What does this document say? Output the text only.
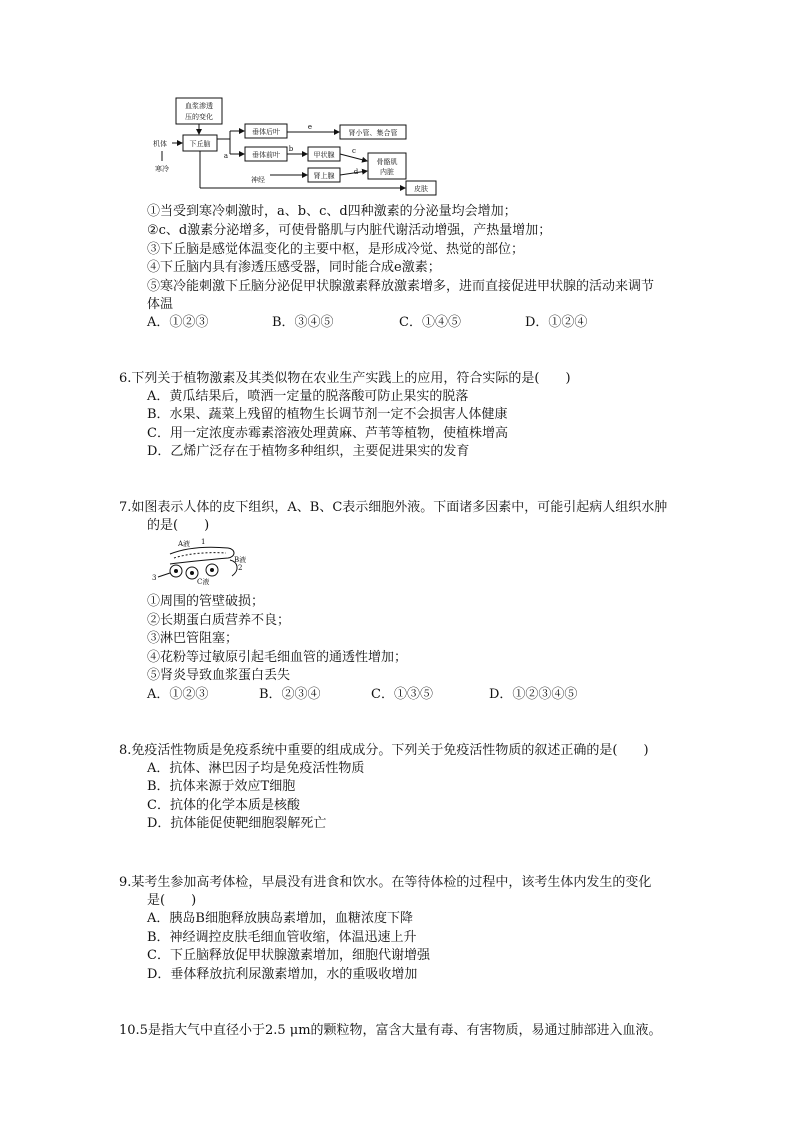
血浆渗透
压的变化
机体
寒冷
下丘脑
垂体后叶
垂体前叶
肾小管、集合管
甲状腺
肾上腺
骨骼肌
内脏
神经
皮肤
a
b	c
d
e
①当受到寒冷刺激时，a、b、c、d四种激素的分泌量均会增加；
②c、d激素分泌增多，可使骨骼肌与内脏代谢活动增强，产热量增加；
③下丘脑是感觉体温变化的主要中枢，是形成冷觉、热觉的部位；
④下丘脑内具有渗透压感受器，同时能合成e激素；
⑤寒冷能刺激下丘脑分泌促甲状腺激素释放激素增多，进而直接促进甲状腺的活动来调节
体温
A．①②③	B．③④⑤	C．①④⑤	D．①②④
6.下列关于植物激素及其类似物在农业生产实践上的应用，符合实际的是(　　)
A．黄瓜结果后，喷洒一定量的脱落酸可防止果实的脱落
B．水果、蔬菜上残留的植物生长调节剂一定不会损害人体健康
C．用一定浓度赤霉素溶液处理黄麻、芦苇等植物，使植株增高
D．乙烯广泛存在于植物多种组织，主要促进果实的发育
7.如图表示人体的皮下组织，A、B、C表示细胞外液。下面诸多因素中，可能引起病人组织水肿
的是(　　)
A液 1
B液
2
3	C液
①周围的管壁破损；
②长期蛋白质营养不良；
③淋巴管阻塞；
④花粉等过敏原引起毛细血管的通透性增加；
⑤肾炎导致血浆蛋白丢失
A．①②③	B．②③④	C．①③⑤	D．①②③④⑤
8.免疫活性物质是免疫系统中重要的组成成分。下列关于免疫活性物质的叙述正确的是(　　)
A．抗体、淋巴因子均是免疫活性物质
B．抗体来源于效应T细胞
C．抗体的化学本质是核酸
D．抗体能促使靶细胞裂解死亡
9.某考生参加高考体检，早晨没有进食和饮水。在等待体检的过程中，该考生体内发生的变化
是(　　)
A．胰岛B细胞释放胰岛素增加，血糖浓度下降
B．神经调控皮肤毛细血管收缩，体温迅速上升
C．下丘脑释放促甲状腺激素增加，细胞代谢增强
D．垂体释放抗利尿激素增加，水的重吸收增加
10.5是指大气中直径小于2.5 μm的颗粒物，富含大量有毒、有害物质，易通过肺部进入血液。
